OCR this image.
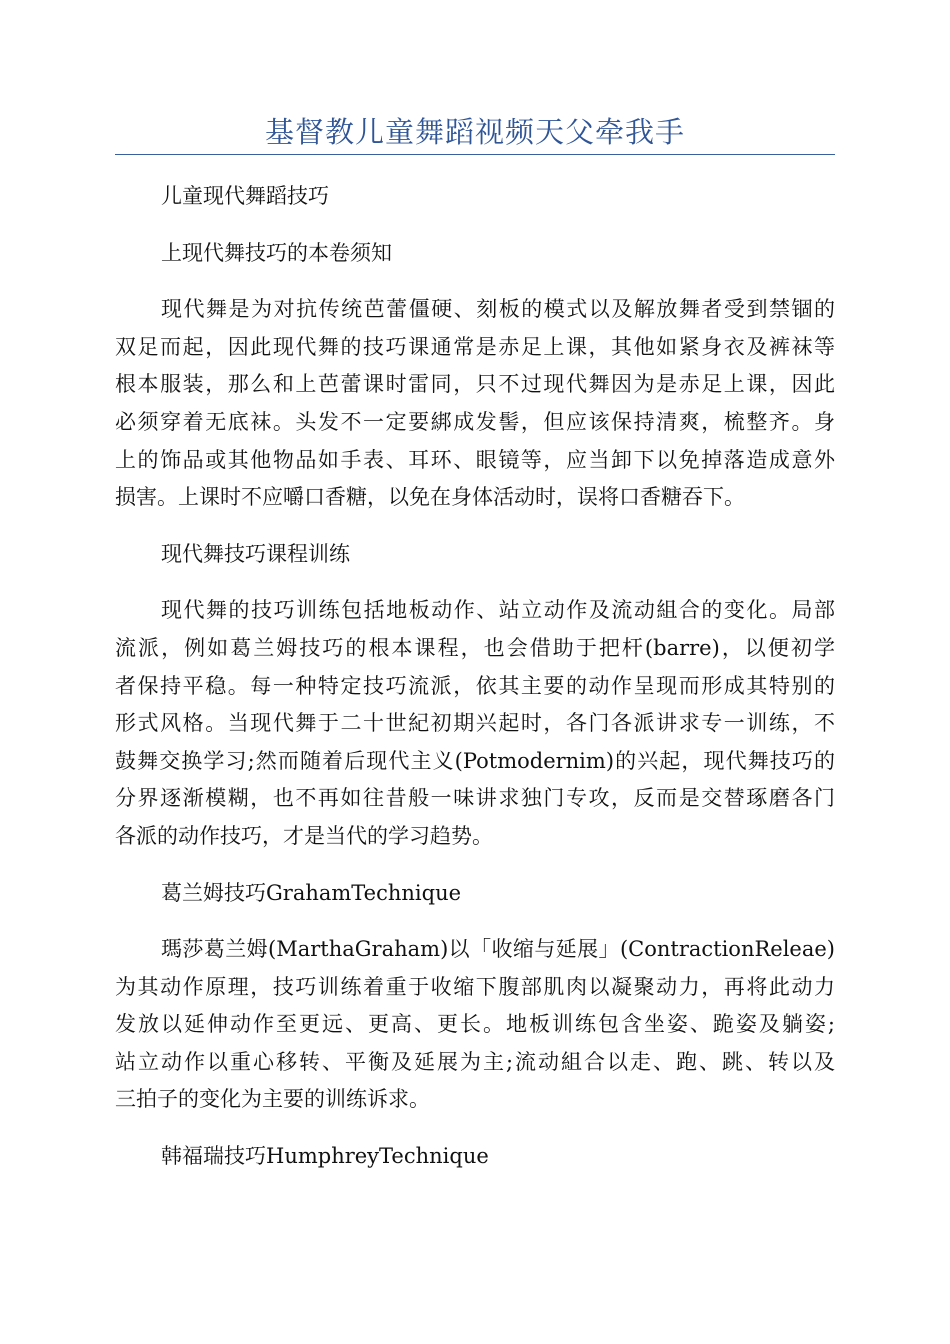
基督教儿童舞蹈视频天父牵我手
儿童现代舞蹈技巧
上现代舞技巧的本卷须知
现代舞是为对抗传统芭蕾僵硬、刻板的模式以及解放舞者受到禁锢的
双足而起，因此现代舞的技巧课通常是赤足上课，其他如紧身衣及裤袜等
根本服装，那么和上芭蕾课时雷同，只不过现代舞因为是赤足上课，因此
必须穿着无底袜。头发不一定要綁成发髻，但应该保持清爽，梳整齐。身
上的饰品或其他物品如手表、耳环、眼镜等，应当卸下以免掉落造成意外
损害。上课时不应嚼口香糖，以免在身体活动时，误将口香糖吞下。
现代舞技巧课程训练
现代舞的技巧训练包括地板动作、站立动作及流动組合的变化。局部
流派，例如葛兰姆技巧的根本课程，也会借助于把杆(barre)，以便初学
者保持平稳。每一种特定技巧流派，依其主要的动作呈现而形成其特别的
形式风格。当现代舞于二十世紀初期兴起时，各门各派讲求专一训练，不
鼓舞交换学习;然而随着后现代主义(Potmodernim)的兴起，现代舞技巧的
分界逐渐模糊，也不再如往昔般一味讲求独门专攻，反而是交替琢磨各门
各派的动作技巧，才是当代的学习趋势。
葛兰姆技巧GrahamTechnique
瑪莎葛兰姆(MarthaGraham)以「收缩与延展」(ContractionReleae)
为其动作原理，技巧训练着重于收缩下腹部肌肉以凝聚动力，再将此动力
发放以延伸动作至更远、更高、更长。地板训练包含坐姿、跪姿及躺姿;
站立动作以重心移转、平衡及延展为主;流动組合以走、跑、跳、转以及
三拍子的变化为主要的训练诉求。
韩福瑞技巧HumphreyTechnique
